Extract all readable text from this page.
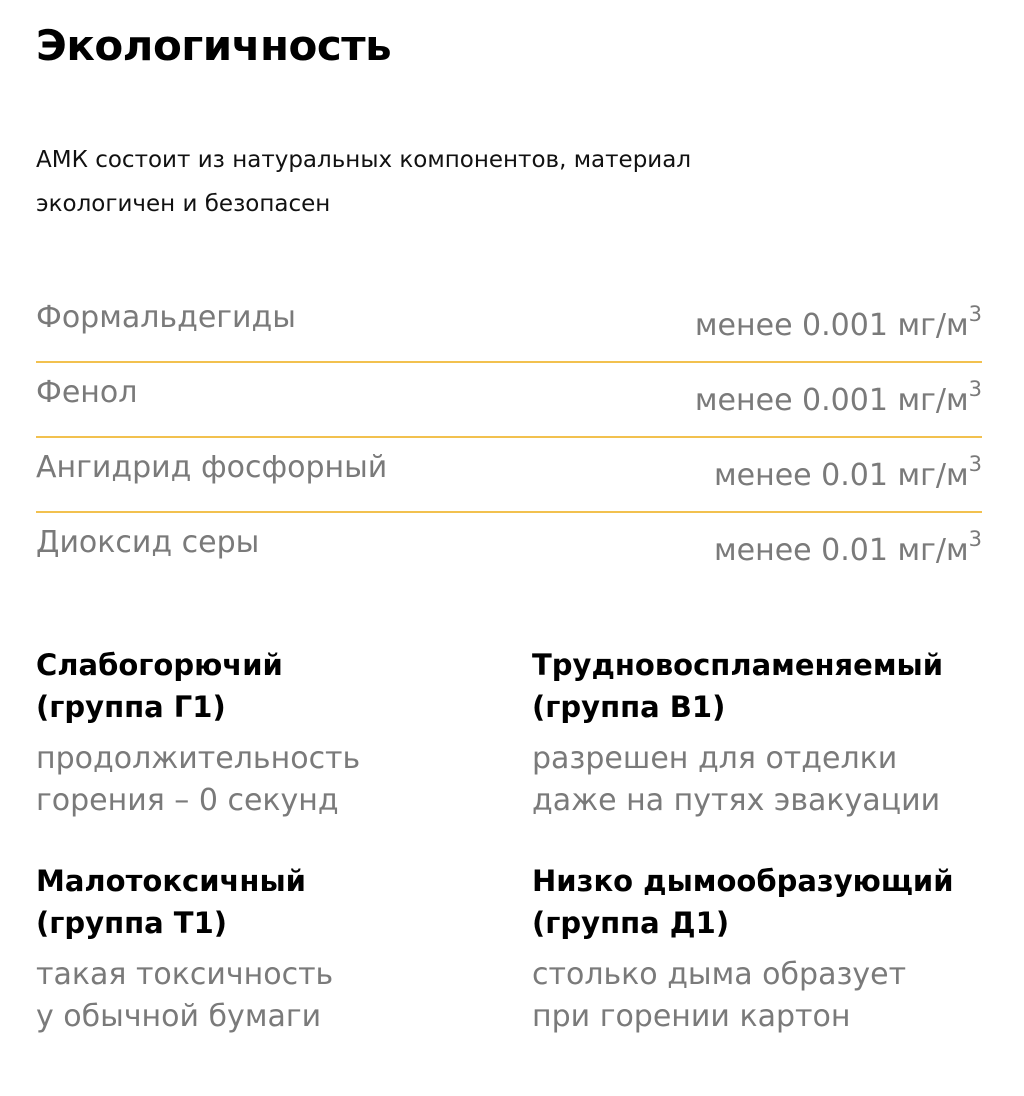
Экологичность

АМК состоит из натуральных компонентов, материал
экологичен и безопасен

Формальдегиды	менее 0.001 $мг/м^3$
Фенол	менее 0.001 $мг/м^3$
Ангидрид фосфорный	менее 0.01 $мг/м^3$
Диоксид серы	менее 0.01 $мг/м^3$

Слабогорючий
(группа Г1)

продолжительность
горения – 0 секунд

Трудновоспламеняемый
(группа В1)

разрешен для отделки
даже на путях эвакуации

Малотоксичный
(группа Т1)

такая токсичность
у обычной бумаги

Низко дымообразующий
(группа Д1)

столько дыма образует
при горении картон
